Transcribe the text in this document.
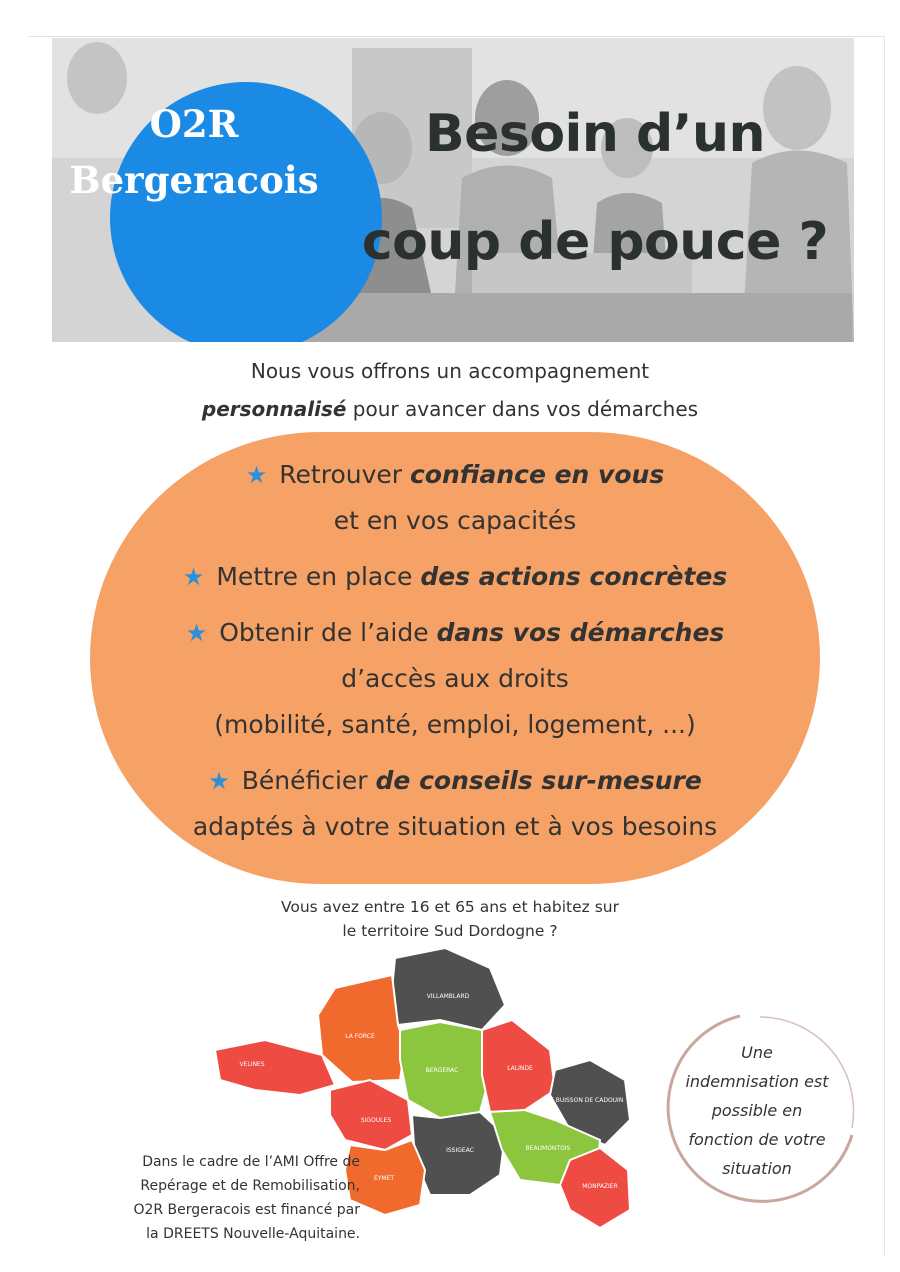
O2R
Bergeracois
Besoin d’un
coup de pouce ?
Nous vous offrons un accompagnement
personnalisé pour avancer dans vos démarches
★ Retrouver confiance en vous
et en vos capacités
★ Mettre en place des actions concrètes
★ Obtenir de l’aide dans vos démarches
d’accès aux droits
(mobilité, santé, emploi, logement, ...)
★ Bénéficier de conseils sur-mesure
adaptés à votre situation et à vos besoins
Vous avez entre 16 et 65 ans et habitez sur
le territoire Sud Dordogne ?
VILLAMBLARD
LA FORCE
VELINES
BERGERAC	LALINDE
LE BUISSON DE CADOUIN
SIGOULES
ISSIGEAC	BEAUMONTOIS
EYMET
MONPAZIER
Une
indemnisation est
possible en
fonction de votre
situation
Dans le cadre de l’AMI Offre de
Repérage et de Remobilisation,
O2R Bergeracois est financé par
la DREETS Nouvelle-Aquitaine.
